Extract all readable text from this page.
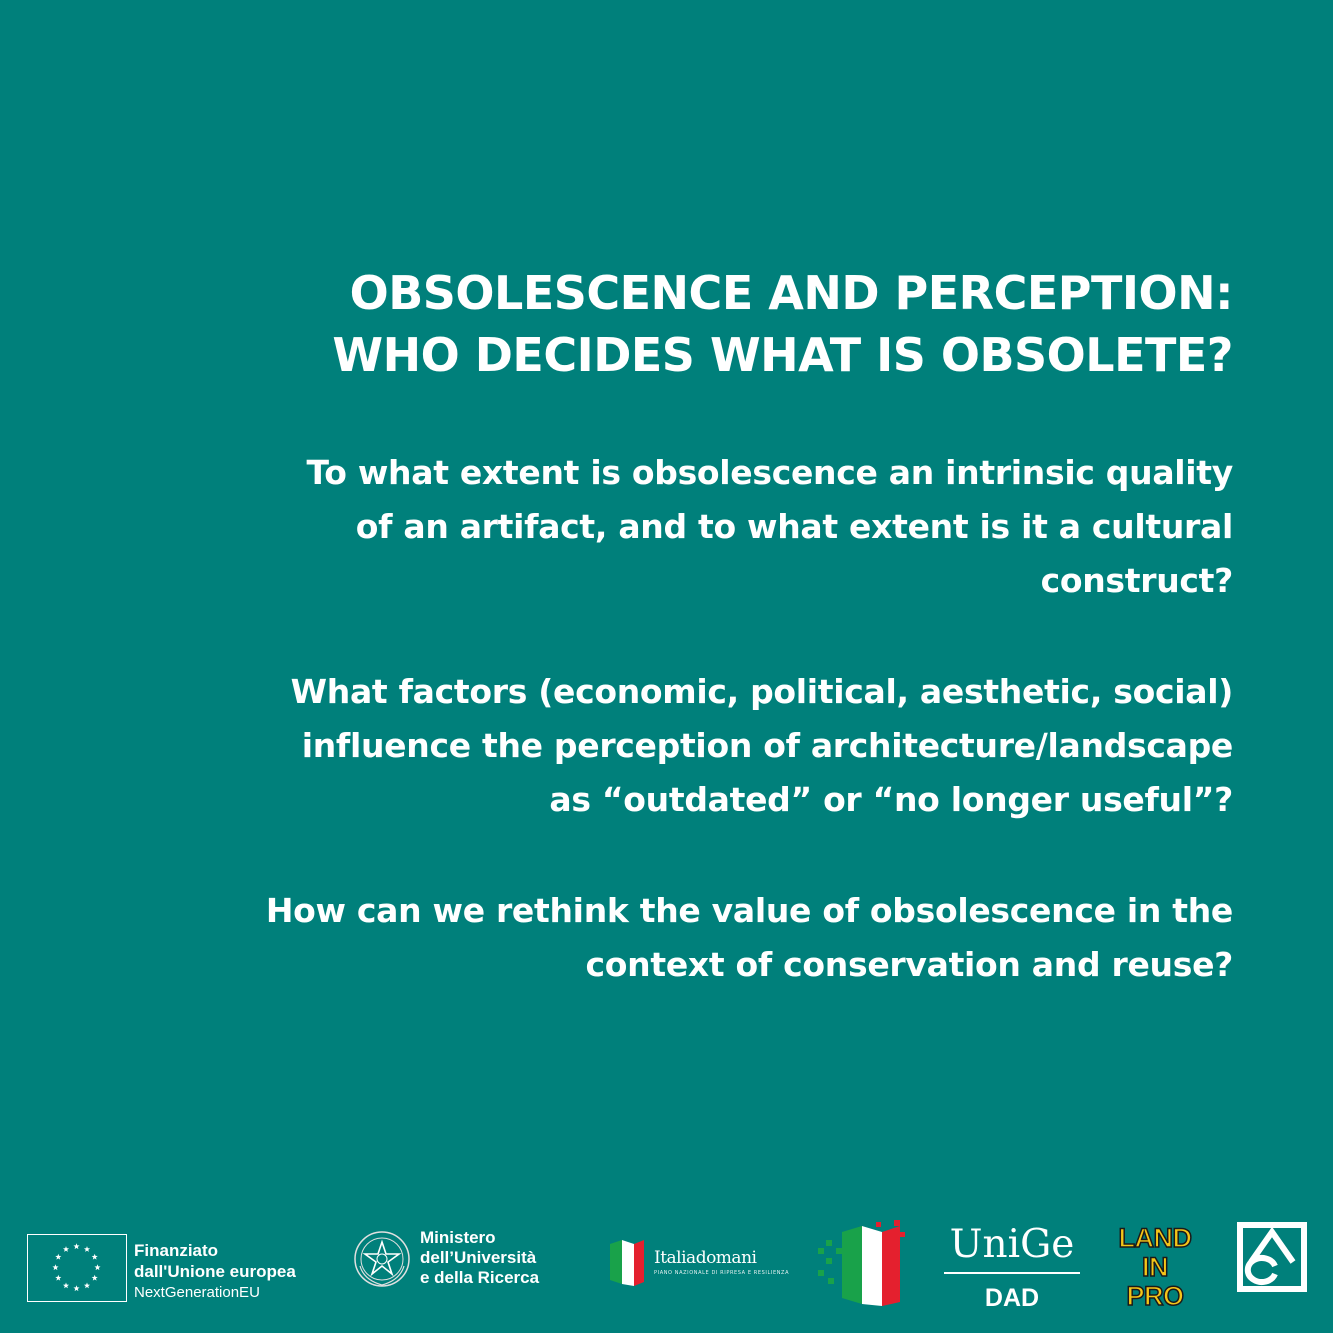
OBSOLESCENCE AND PERCEPTION:
WHO DECIDES WHAT IS OBSOLETE?

To what extent is obsolescence an intrinsic quality
of an artifact, and to what extent is it a cultural
construct?

What factors (economic, political, aesthetic, social)
influence the perception of architecture/landscape
as “outdated” or “no longer useful”?

How can we rethink the value of obsolescence in the
context of conservation and reuse?

Finanziato
dall'Unione europea
NextGenerationEU
Ministero
dell’Università
e della Ricerca
Italiadomani
PIANO NAZIONALE DI RIPRESA E RESILIENZA
UniGe
DAD
LAND
IN
PRO
